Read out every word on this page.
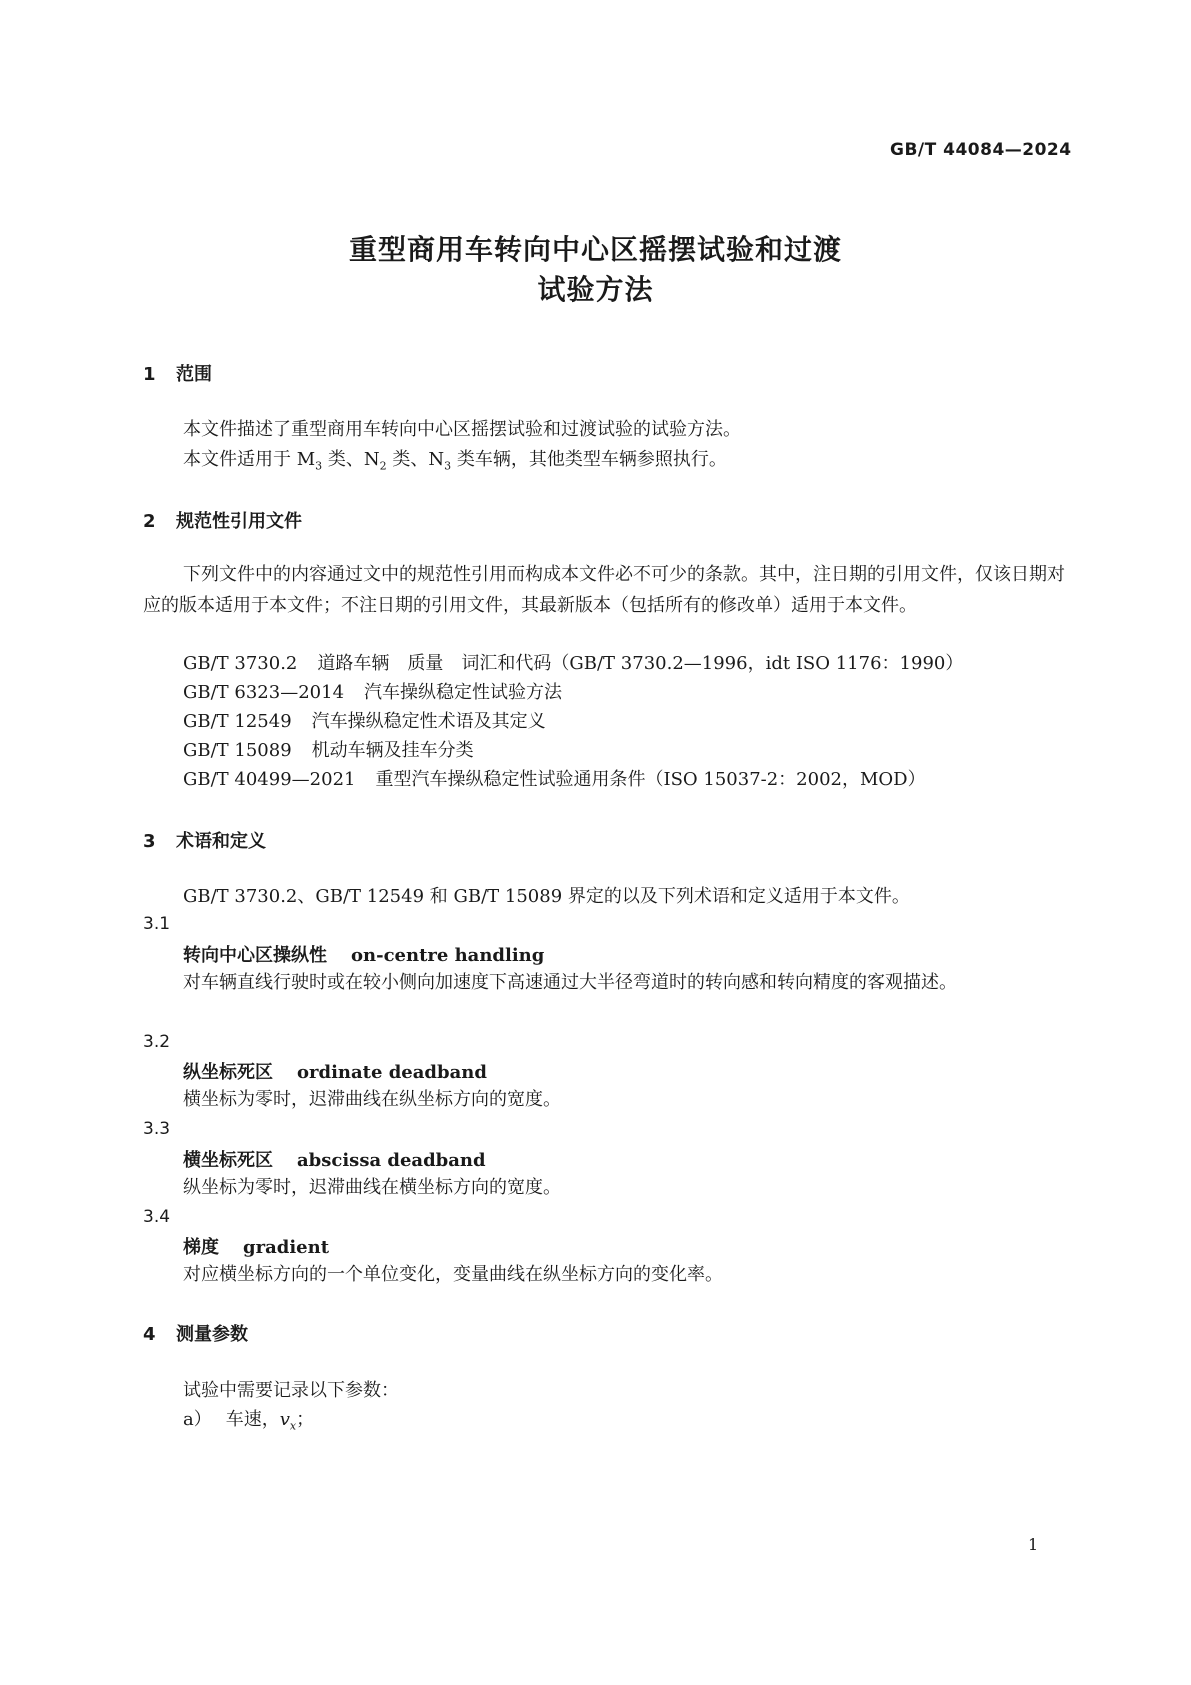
GB/T 44084—2024
重型商用车转向中心区摇摆试验和过渡
试验方法
1 范围
本文件描述了重型商用车转向中心区摇摆试验和过渡试验的试验方法。
本文件适用于 $M_3$ 类、$N_2$ 类、$N_3$ 类车辆，其他类型车辆参照执行。
2 规范性引用文件
下列文件中的内容通过文中的规范性引用而构成本文件必不可少的条款。其中，注日期的引用文件，仅该日期对应的版本适用于本文件；不注日期的引用文件，其最新版本（包括所有的修改单）适用于本文件。
GB/T 3730.2 道路车辆　质量　词汇和代码（GB/T 3730.2—1996，idt ISO 1176：1990）
GB/T 6323—2014 汽车操纵稳定性试验方法
GB/T 12549 汽车操纵稳定性术语及其定义
GB/T 15089 机动车辆及挂车分类
GB/T 40499—2021 重型汽车操纵稳定性试验通用条件（ISO 15037-2：2002，MOD）
3 术语和定义
GB/T 3730.2、GB/T 12549 和 GB/T 15089 界定的以及下列术语和定义适用于本文件。
3.1
转向中心区操纵性 on-centre handling
对车辆直线行驶时或在较小侧向加速度下高速通过大半径弯道时的转向感和转向精度的客观描述。
3.2
纵坐标死区 ordinate deadband
横坐标为零时，迟滞曲线在纵坐标方向的宽度。
3.3
横坐标死区 abscissa deadband
纵坐标为零时，迟滞曲线在横坐标方向的宽度。
3.4
梯度 gradient
对应横坐标方向的一个单位变化，变量曲线在纵坐标方向的变化率。
4 测量参数
试验中需要记录以下参数：
a） 车速，$v_x$；
1
